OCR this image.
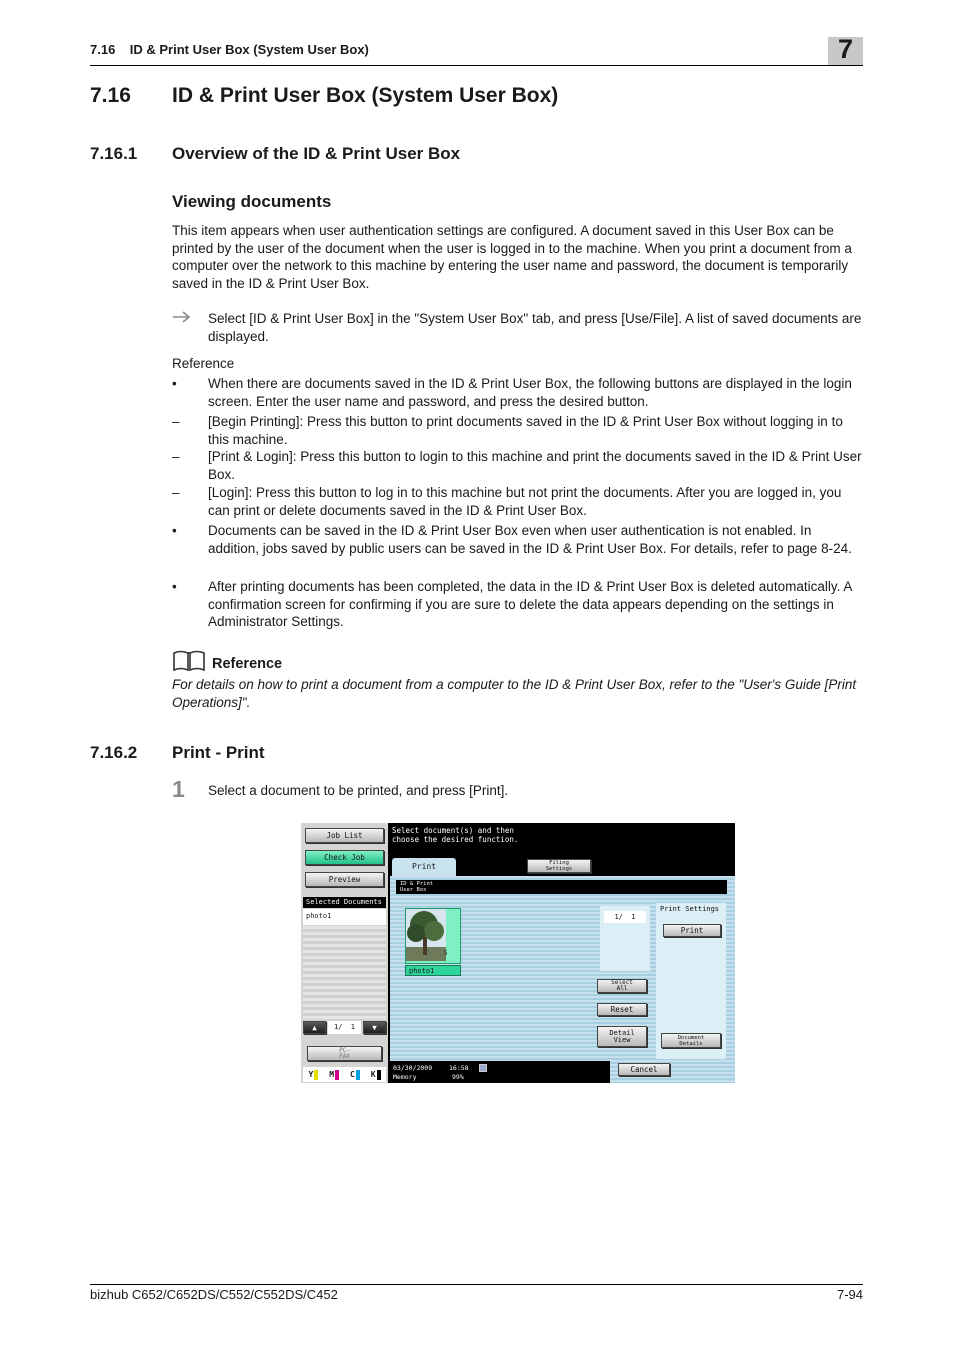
7.16    ID & Print User Box (System User Box)	7
7.16 ID & Print User Box (System User Box)
7.16.1 Overview of the ID & Print User Box
Viewing documents
This item appears when user authentication settings are configured. A document saved in this User Box can be printed by the user of the document when the user is logged in to the machine. When you print a document from a computer over the network to this machine by entering the user name and password, the document is temporarily saved in the ID & Print User Box.
Select [ID & Print User Box] in the "System User Box" tab, and press [Use/File]. A list of saved documents are displayed.
Reference
• When there are documents saved in the ID & Print User Box, the following buttons are displayed in the login screen. Enter the user name and password, and press the desired button.
– [Begin Printing]: Press this button to print documents saved in the ID & Print User Box without logging in to this machine.
– [Print & Login]: Press this button to login to this machine and print the documents saved in the ID & Print User Box.
– [Login]: Press this button to log in to this machine but not print the documents. After you are logged in, you can print or delete documents saved in the ID & Print User Box.
• Documents can be saved in the ID & Print User Box even when user authentication is not enabled. In addition, jobs saved by public users can be saved in the ID & Print User Box. For details, refer to page 8-24.
• After printing documents has been completed, the data in the ID & Print User Box is deleted automatically. A confirmation screen for confirming if you are sure to delete the data appears depending on the settings in Administrator Settings.
Reference
For details on how to print a document from a computer to the ID & Print User Box, refer to the "User's Guide [Print Operations]".
7.16.2 Print - Print
1 Select a document to be printed, and press [Print].
Job List
Check Job
Preview
Selected Documents
photo1
▲	1/  1	▼
PC-
FAX
Y M C K
Select document(s) and then
choose the desired function.
Print	Filing
Settings
ID & Print
User Box
5
photo1
1/  1
Print Settings
Print
Select
All
Reset
Detail
View	Document
Details
03/30/2009	16:58
Memory	99%
Cancel
bizhub C652/C652DS/C552/C552DS/C452	7-94
